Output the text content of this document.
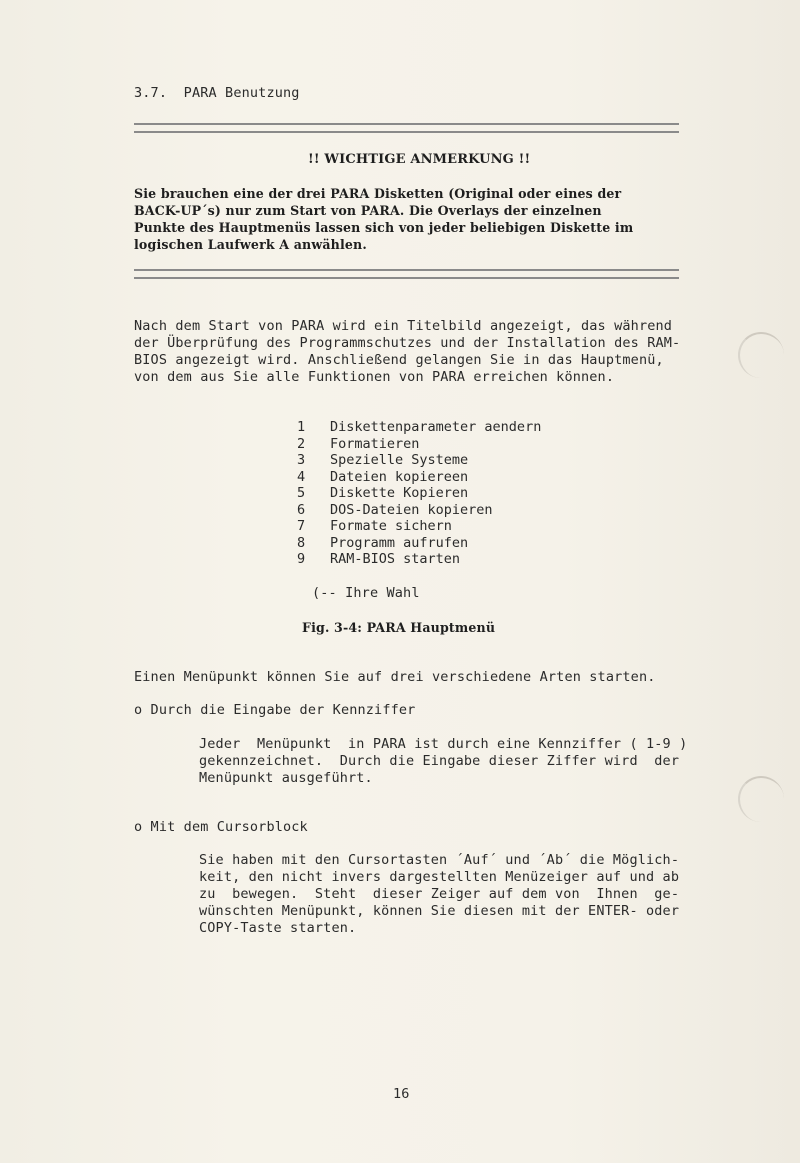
3.7.  PARA Benutzung
!! WICHTIGE ANMERKUNG !!
Sie brauchen eine der drei PARA Disketten (Original oder eines der
BACK-UP´s) nur zum Start von PARA. Die Overlays der einzelnen
Punkte des Hauptmenüs lassen sich von jeder beliebigen Diskette im
logischen Laufwerk A anwählen.
Nach dem Start von PARA wird ein Titelbild angezeigt, das während
der Überprüfung des Programmschutzes und der Installation des RAM-
BIOS angezeigt wird. Anschließend gelangen Sie in das Hauptmenü,
von dem aus Sie alle Funktionen von PARA erreichen können.
1 Diskettenparameter aendern
2 Formatieren
3 Spezielle Systeme
4 Dateien kopiereen
5 Diskette Kopieren
6 DOS-Dateien kopieren
7 Formate sichern
8 Programm aufrufen
9 RAM-BIOS starten
(-- Ihre Wahl
Fig. 3-4: PARA Hauptmenü
Einen Menüpunkt können Sie auf drei verschiedene Arten starten.
o Durch die Eingabe der Kennziffer
Jeder  Menüpunkt  in PARA ist durch eine Kennziffer ( 1-9 )
gekennzeichnet.  Durch die Eingabe dieser Ziffer wird  der
Menüpunkt ausgeführt.
o Mit dem Cursorblock
Sie haben mit den Cursortasten ´Auf´ und ´Ab´ die Möglich-
keit, den nicht invers dargestellten Menüzeiger auf und ab
zu  bewegen.  Steht  dieser Zeiger auf dem von  Ihnen  ge-
wünschten Menüpunkt, können Sie diesen mit der ENTER- oder
COPY-Taste starten.
16
